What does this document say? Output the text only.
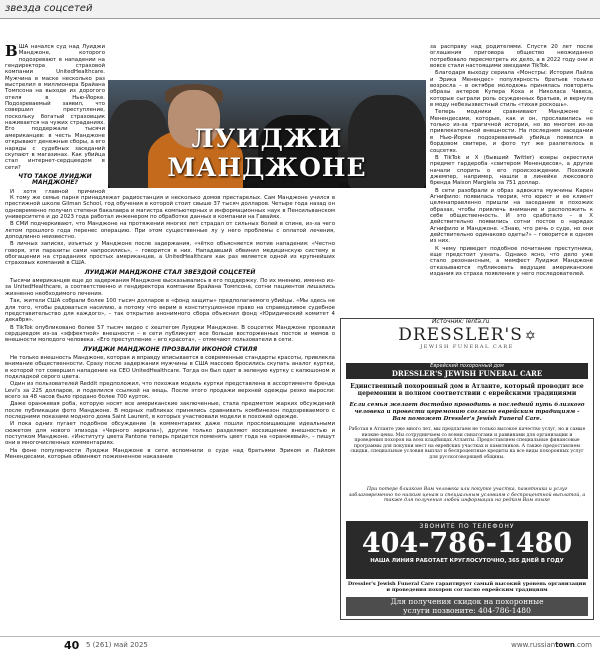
звезда соцсетей

ВША начался суд над Луиджи Манджоне, которого подозревают в нападении на гендиректора страховой компании UnitedHealthcare. Мужчина в маске несколько раз выстрелил в миллионера Брайана Томпсона на выходе из дорогого отеля в Нью-Йорке. Подозреваемый заявил, что совершил преступление, поскольку богатый страховщик наживается на чужих страданиях. Его поддержали тысячи американцев: в честь Манджоне открывают денежные сборы, а его наряды с судебных заседаний скупают в магазинах. Как убийца стал интернет-сердцеедом в сети?

ЧТО ТАКОЕ ЛУИДЖИ МАНДЖОНЕ?

И хотя главной причиной

ЛУИДЖИ МАНДЖОНЕ

К тому же семье парня принадлежат радиостанция и несколько домов престарелых. Сам Манджоне учился в престижной школе Gilman School, год обучения в которой стоит свыше 37 тысяч долларов. Четыре года назад он одновременно получил степени бакалавра и магистра компьютерных и информационных наук в Пенсильванском университете и до 2023 года работал инженером по обработке данных в компании на Гавайях.

В СМИ подчеркивают, что Манджоне на протяжении многих лет страдал от сильных болей в спине, из-за чего летом прошлого года перенес операцию. При этом существенные лу у него проблемы с оплатой лечения, доподлинно неизвестно.

В личных записях, изъятых у Манджоне после задержания, «чётко объясняется мотив нападения: «Честно говоря, эти паразиты сами напросились», – говорится в них. Нападавший обвинил медицинскую систему в обогащении на страданиях простых американцев, а UnitedHealthcare как раз является одной из крупнейших страховых компаний в США.

ЛУИДЖИ МАНДЖОНЕ СТАЛ ЗВЕЗДОЙ СОЦСЕТЕЙ

Тысячи американцев еще до задержания Манджоне высказывались в его поддержку. По их мнению, именно из-за UnitedHealthcare, а соответственно и гендиректора компании Брайана Томпсона, сотни пациентов лишались жизненно необходимого лечения.

Так, жители США собрали более 100 тысяч долларов в «фонд защиты» предполагаемого убийцы. «Мы здесь не для того, чтобы радоваться насилию, а потому что верим в конституционное право на справедливое судебное представительство для каждого», – так открытие анонимного сбора объяснил фонд «Юридический комитет 4 декабря».

В TikTok опубликовано более 57 тысяч видео с хештегом Луиджи Манджоне. В соцсетях Манджоне прозвали сердцеедом из-за «эффектной» внешности – в сети публикуют все больше восторженных постов и мемов о внешности молодого человека. «Его преступление – его красота», – отмечают пользователи в сети.

ЛУИДЖИ МАНДЖОНЕ ПРОЗВАЛИ ИКОНОЙ СТИЛЯ

Не только внешность Манджоне, которая и вправду вписывается в современные стандарты красоты, привлекла внимание общественности. Сразу после задержания мужчины в США массово бросились скупать аналог куртки, в которой тот совершил нападение на CEO UnitedHealthcare. Тогда он был одет в зеленую куртку с капюшоном и подкладкой серого цвета.

Один из пользователей Reddit предположил, что похожая модель куртки представлена в ассортименте бренда Levi's за 225 долларов, и поделился ссылкой на вещь. После этого продажи верхней одежды резко выросли: всего за 48 часов было продано более 700 курток.

Даже оранжевая роба, которую носят все американские заключенные, стала предметом жарких обсуждений после публикации фото Манджоне. В модных пабликах принялись сравнивать комбинезон подозреваемого с последними показами модного дома Saint Laurent, в которых участвовали модели в похожей одежде.

И пока одних пугает подобное обсуждение (в комментариях даже пошли прослоищающие идеальными сюжетом для нового эпизода «Черного зеркала»), другие только разделяют восхищение внешностью и поступком Манджоне. «Институту цвета Pantone теперь придется поменять цвет года на «оранжевый», – пишут они в многочисленных комментариях.

На фоне популярности Луиджи Манджоне в сети вспомнили о суде над братьями Эриком и Лайлом Менендесами, которые обвиняют пожизненное наказание

за расправу над родителями. Спустя 20 лет после оглашения приговора общество неожиданно потребовало пересмотреть их дело, а в 2022 году они и вовсе стали настоящими звездами TikTok.

Благодаря выходу сериала «Монстры: История Лайла и Эрика Менендес» популярность братьев только возросла – в октябре молодежь принялась повторять образы актеров Купера Коха и Николаса Чавеса, которые сыграли роль осужденных братьев, и вернула в моду небезызвестный стиль «тихая роскошь».

Теперь модники сравнивают Манджоне с Менендесами, которые, как и он, прославились не только из-за трагичной истории, но во многом из-за привлекательной внешности. На последнем заседании в Нью-Йорке подозреваемый убийца появился в бордовом свитере, и фото тут же разлетелось в соцсетях.

В TikTok и X (бывший Twitter) юзеры окрестили предмет гардероба «свитером Менендесов», а другие начали спорить о его происхождении. Похожий джемпер, например, нашли в линейке люксового бренда Maison Margiela за 751 доллар.

В сети разобрали и образ адвоката мужчины Карен Агнифило: появилась теория, что юрист и ее клиент целенаправленно пришли на заседание в похожих образах, чтобы привлечь внимание и расположить к себе общественность. И это сработало – в X действительно появились сотни постов о нарядах Агнифило и Манджоне. «Знаю, что речь о суде, но они действительно одинаково одеты?» – говорится в одном из них.

К чему приведет подобное почитание преступника, еще предстоит узнать. Однако ясно, что дело уже стало резонансным, а мемфест Луиджи Манджоне отказываются публиковать ведущие американские издания из страха появления у него последователей.

DRESSLER'S ✡
JEWISH FUNERAL CARE
Еврейский похоронный дом
DRESSLER'S JEWISH FUNERAL CARE
Единственный похоронный дом в Атланте, который проводит все церемонии в полном соответствии с еврейскими традициями
Если семья желает достойно проводить в последний путь близкого человека и провести церемонию согласно еврейским традициям - Вам поможет Dressler's Jewish Funeral Care.
Работая в Атланте уже много лет, мы предлагаем не только высокое качество услуг, но и самые низкие цены. Мы сотрудничаем со всеми синагогами и раввинами для организации и проведения похорон на всех кладбищах Атланты. Предоставляем специальные финансовые программы для покупки мест на еврейских участках и памятников. А также предоставляем скидки, специальные условия выплат и беспроцентные кредиты на все виды похоронных услуг для русскоговорящей общины.
При потере близкого Вам человека или покупке участка, памятника и услуг заблаговременно по низким ценам и специальным условиям с беспроцентной выплатой, а также для получения любой информации на редком Вам языке
ЗВОНИТЕ ПО ТЕЛЕФОНУ
404-786-1480
НАША ЛИНИЯ РАБОТАЕТ КРУГЛОСУТОЧНО, 365 ДНЕЙ В ГОДУ
Dressler's Jewish Funeral Care гарантирует самый высокий уровень организации и проведения похорон согласно еврейским традициям
Для получения скидок на похоронные
услуги позвоните: 404-786-1480
Источник: lenta.ru
40 5 (261) май 2025	www.russiantown.com
